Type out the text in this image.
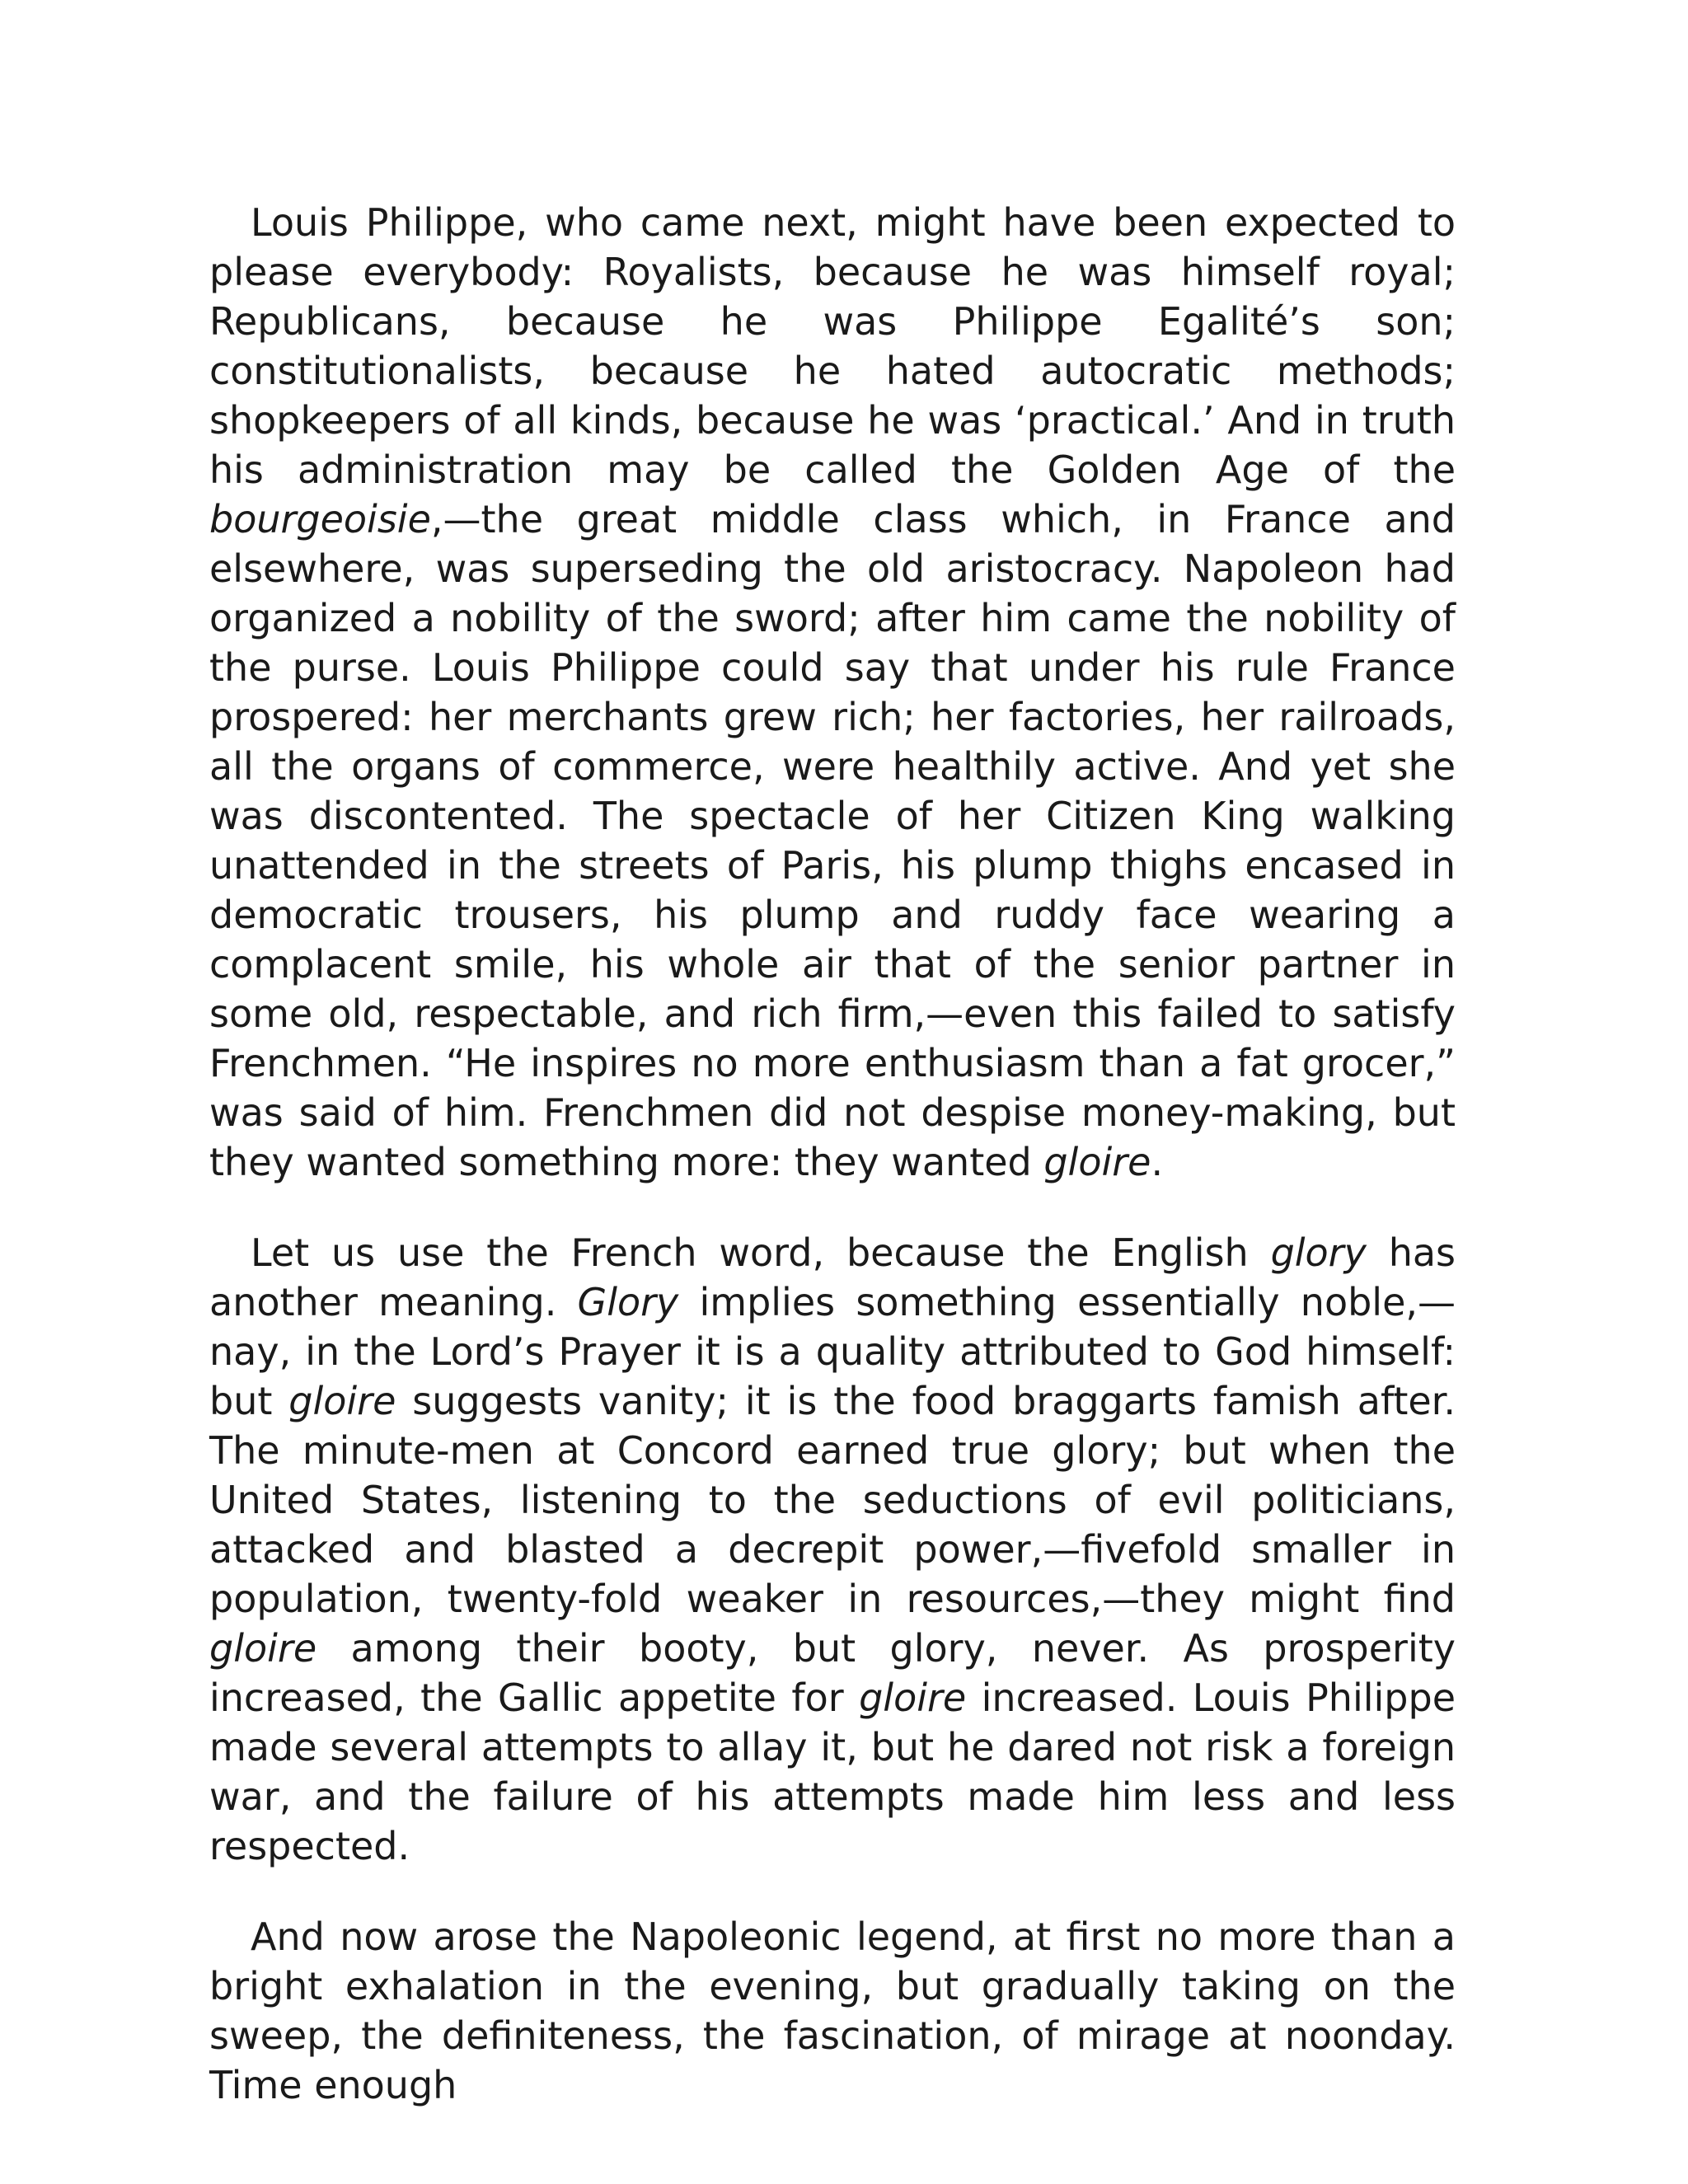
Louis Philippe, who came next, might have been expected to please everybody: Royalists, because he was himself royal; Republicans, because he was Philippe Egalité’s son; constitutionalists, because he hated autocratic methods; shopkeepers of all kinds, because he was ‘practical.’ And in truth his administration may be called the Golden Age of the bourgeoisie,—the great middle class which, in France and elsewhere, was superseding the old aristocracy. Napoleon had organized a nobility of the sword; after him came the nobility of the purse. Louis Philippe could say that under his rule France prospered: her merchants grew rich; her factories, her railroads, all the organs of commerce, were healthily active. And yet she was discontented. The spectacle of her Citizen King walking unattended in the streets of Paris, his plump thighs encased in democratic trousers, his plump and ruddy face wearing a complacent smile, his whole air that of the senior partner in some old, respectable, and rich firm,—even this failed to satisfy Frenchmen. “He inspires no more enthusiasm than a fat grocer,” was said of him. Frenchmen did not despise money-making, but they wanted something more: they wanted gloire.

Let us use the French word, because the English glory has another meaning. Glory implies something essentially noble,—nay, in the Lord’s Prayer it is a quality attributed to God himself: but gloire suggests vanity; it is the food braggarts famish after. The minute-men at Concord earned true glory; but when the United States, listening to the seductions of evil politicians, attacked and blasted a decrepit power,—fivefold smaller in population, twenty-fold weaker in resources,—they might find gloire among their booty, but glory, never. As prosperity increased, the Gallic appetite for gloire increased. Louis Philippe made several attempts to allay it, but he dared not risk a foreign war, and the failure of his attempts made him less and less respected.

And now arose the Napoleonic legend, at first no more than a bright exhalation in the evening, but gradually taking on the sweep, the definiteness, the fascination, of mirage at noonday. Time enough
